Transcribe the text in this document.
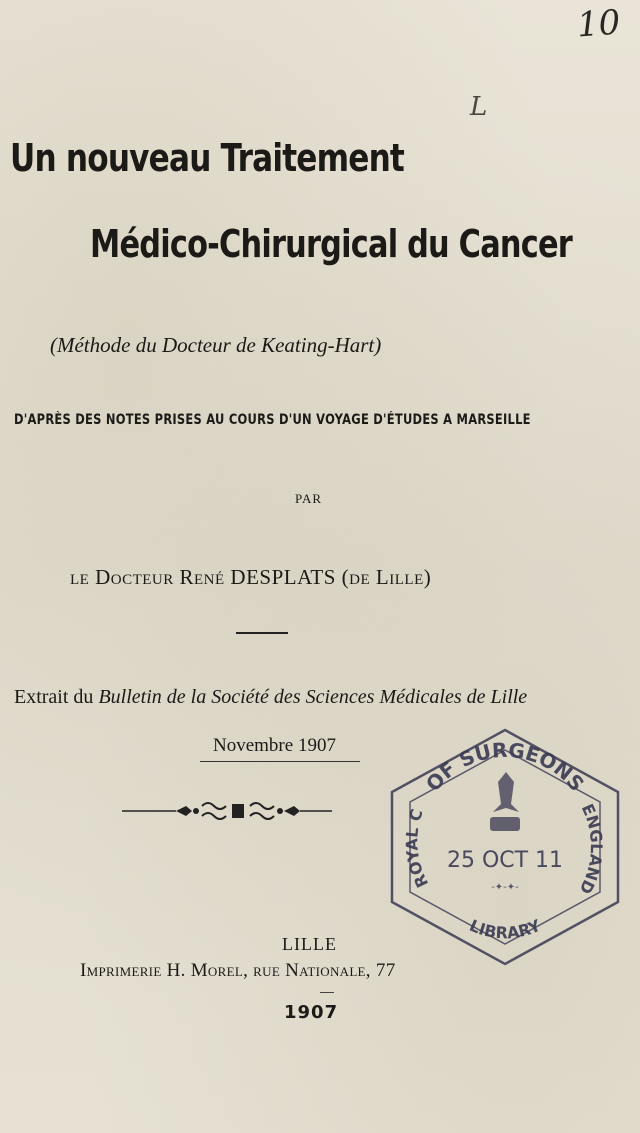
10
L
Un nouveau Traitement
Médico-Chirurgical du Cancer
(Méthode du Docteur de Keating-Hart)
D'APRÈS DES NOTES PRISES AU COURS D'UN VOYAGE D'ÉTUDES A MARSEILLE
PAR
le Docteur René DESPLATS (de Lille)
Extrait du Bulletin de la Société des Sciences Médicales de Lille
Novembre 1907
LILLE
Imprimerie H. Morel, rue Nationale, 77
1907
OF SURGEONS
ROYAL C	ENGLAND
LIBRARY
25 OCT 11
-✦-✦-
